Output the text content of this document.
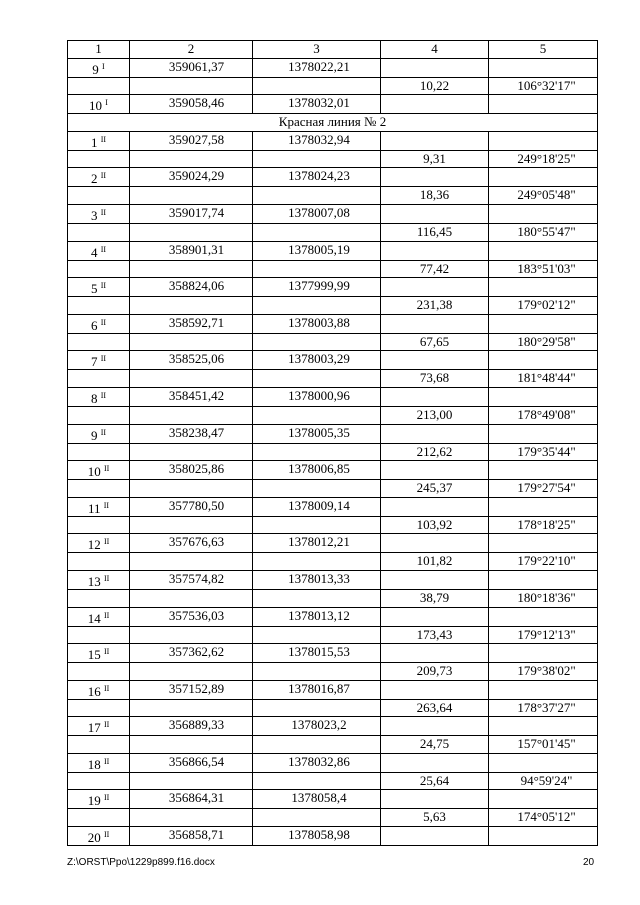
1	2	3	4	5
9 $^I$	359061,37	1378022,21		
			10,22	106°32'17"
10 $^I$	359058,46	1378032,01		
Красная линия № 2				
1 $^{II}$	359027,58	1378032,94		
			9,31	249°18'25"
2 $^{II}$	359024,29	1378024,23		
			18,36	249°05'48"
3 $^{II}$	359017,74	1378007,08		
			116,45	180°55'47"
4 $^{II}$	358901,31	1378005,19		
			77,42	183°51'03"
5 $^{II}$	358824,06	1377999,99		
			231,38	179°02'12"
6 $^{II}$	358592,71	1378003,88		
			67,65	180°29'58"
7 $^{II}$	358525,06	1378003,29		
			73,68	181°48'44"
8 $^{II}$	358451,42	1378000,96		
			213,00	178°49'08"
9 $^{II}$	358238,47	1378005,35		
			212,62	179°35'44"
10 $^{II}$	358025,86	1378006,85		
			245,37	179°27'54"
11 $^{II}$	357780,50	1378009,14		
			103,92	178°18'25"
12 $^{II}$	357676,63	1378012,21		
			101,82	179°22'10"
13 $^{II}$	357574,82	1378013,33		
			38,79	180°18'36"
14 $^{II}$	357536,03	1378013,12		
			173,43	179°12'13"
15 $^{II}$	357362,62	1378015,53		
			209,73	179°38'02"
16 $^{II}$	357152,89	1378016,87		
			263,64	178°37'27"
17 $^{II}$	356889,33	1378023,2		
			24,75	157°01'45"
18 $^{II}$	356866,54	1378032,86		
			25,64	94°59'24"
19 $^{II}$	356864,31	1378058,4		
			5,63	174°05'12"
20 $^{II}$	356858,71	1378058,98		
Z:\ORST\Ppo\1229p899.f16.docx	20
